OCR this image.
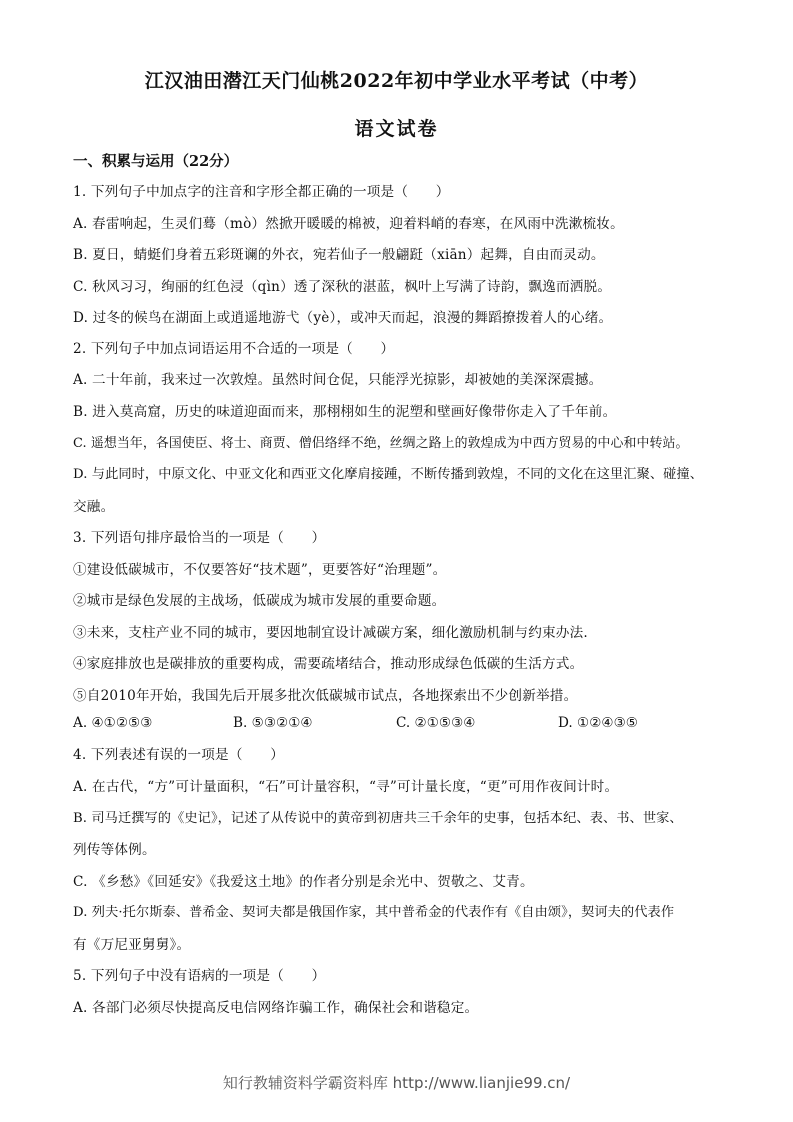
江汉油田潜江天门仙桃2022年初中学业水平考试（中考）
语文试卷
一、积累与运用（22分）
1. 下列句子中加点字的注音和字形全都正确的一项是（　　）
A. 春雷响起，生灵们蓦（mò）然掀开暖暖的棉被，迎着料峭的春寒，在风雨中洗漱梳妆。
B. 夏日，蜻蜓们身着五彩斑谰的外衣，宛若仙子一般翩跹（xiān）起舞，自由而灵动。
C. 秋风习习，绚丽的红色浸（qìn）透了深秋的湛蓝，枫叶上写满了诗韵，飘逸而洒脱。
D. 过冬的候鸟在湖面上或逍遥地游弋（yè），或冲天而起，浪漫的舞蹈撩拨着人的心绪。
2. 下列句子中加点词语运用不合适的一项是（　　）
A. 二十年前，我来过一次敦煌。虽然时间仓促，只能浮光掠影，却被她的美深深震撼。
B. 进入莫高窟，历史的味道迎面而来，那栩栩如生的泥塑和壁画好像带你走入了千年前。
C. 遥想当年，各国使臣、将士、商贾、僧侣络绎不绝，丝绸之路上的敦煌成为中西方贸易的中心和中转站。
D. 与此同时，中原文化、中亚文化和西亚文化摩肩接踵，不断传播到敦煌，不同的文化在这里汇聚、碰撞、
交融。
3. 下列语句排序最恰当的一项是（　　）
①建设低碳城市，不仅要答好“技术题”，更要答好“治理题”。
②城市是绿色发展的主战场，低碳成为城市发展的重要命题。
③未来，支柱产业不同的城市，要因地制宜设计减碳方案，细化激励机制与约束办法.
④家庭排放也是碳排放的重要构成，需要疏堵结合，推动形成绿色低碳的生活方式。
⑤自2010年开始，我国先后开展多批次低碳城市试点，各地探索出不少创新举措。
A. ④①②⑤③	B. ⑤③②①④	C. ②①⑤③④	D. ①②④③⑤
4. 下列表述有误的一项是（　　）
A. 在古代，“方”可计量面积，“石”可计量容积，“寻”可计量长度，“更”可用作夜间计时。
B. 司马迁撰写的《史记》，记述了从传说中的黄帝到初唐共三千余年的史事，包括本纪、表、书、世家、
列传等体例。
C. 《乡愁》《回延安》《我爱这土地》的作者分别是余光中、贺敬之、艾青。
D. 列夫·托尔斯泰、普希金、契诃夫都是俄国作家，其中普希金的代表作有《自由颂》，契诃夫的代表作
有《万尼亚舅舅》。
5. 下列句子中没有语病的一项是（　　）
A. 各部门必须尽快提高反电信网络诈骗工作，确保社会和谐稳定。
知行教辅资料学霸资料库 http://www.lianjie99.cn/
